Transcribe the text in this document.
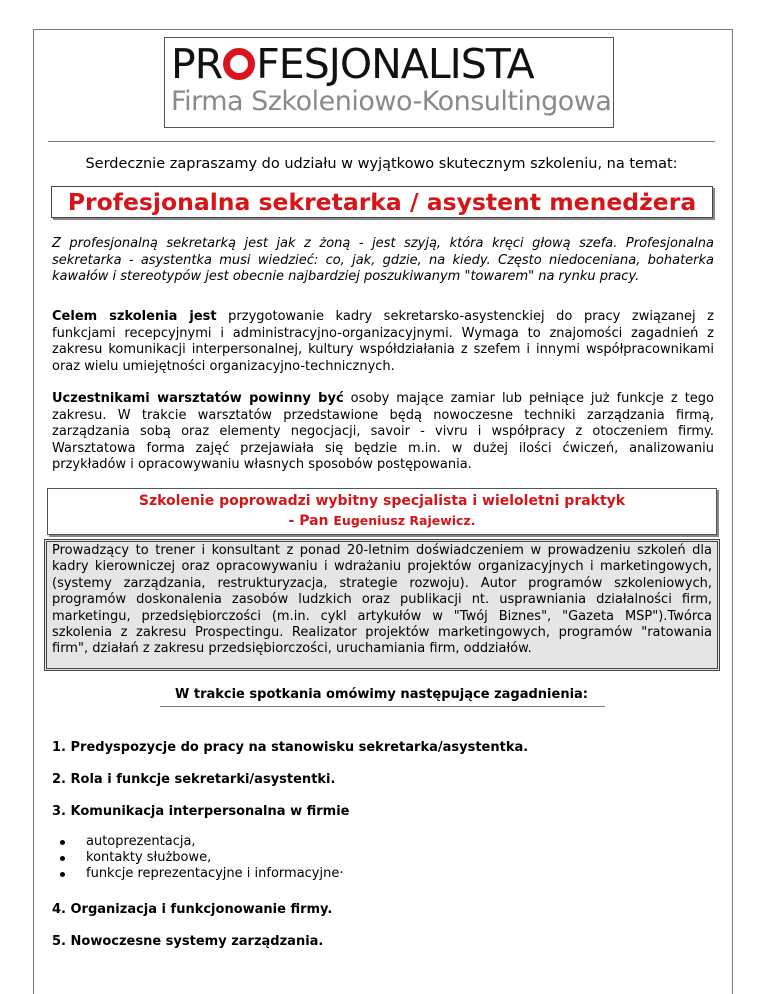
PR FESJONALISTA
Firma Szkoleniowo-Konsultingowa
Serdecznie zapraszamy do udziału w wyjątkowo skutecznym szkoleniu, na temat:
Profesjonalna sekretarka / asystent menedżera
Z profesjonalną sekretarką jest jak z żoną - jest szyją, która kręci głową szefa. Profesjonalna sekretarka - asystentka musi wiedzieć: co, jak, gdzie, na kiedy. Często niedoceniana, bohaterka kawałów i stereotypów jest obecnie najbardziej poszukiwanym "towarem" na rynku pracy.
Celem szkolenia jest przygotowanie kadry sekretarsko-asystenckiej do pracy związanej z funkcjami recepcyjnymi i administracyjno-organizacyjnymi. Wymaga to znajomości zagadnień z zakresu komunikacji interpersonalnej, kultury współdziałania z szefem i innymi współpracownikami oraz wielu umiejętności organizacyjno-technicznych.
Uczestnikami warsztatów powinny być osoby mające zamiar lub pełniące już funkcje z tego zakresu. W trakcie warsztatów przedstawione będą nowoczesne techniki zarządzania firmą, zarządzania sobą oraz elementy negocjacji, savoir - vivru i współpracy z otoczeniem firmy. Warsztatowa forma zajęć przejawiała się będzie m.in. w dużej ilości ćwiczeń, analizowaniu przykładów i opracowywaniu własnych sposobów postępowania.
Szkolenie poprowadzi wybitny specjalista i wieloletni praktyk
- Pan Eugeniusz Rajewicz.
Prowadzący to trener i konsultant z ponad 20-letnim doświadczeniem w prowadzeniu szkoleń dla kadry kierowniczej oraz opracowywaniu i wdrażaniu projektów organizacyjnych i marketingowych, (systemy zarządzania, restrukturyzacja, strategie rozwoju). Autor programów szkoleniowych, programów doskonalenia zasobów ludzkich oraz publikacji nt. usprawniania działalności firm, marketingu, przedsiębiorczości (m.in. cykl artykułów w "Twój Biznes", "Gazeta MSP").Twórca szkolenia z zakresu Prospectingu. Realizator projektów marketingowych, programów "ratowania firm", działań z zakresu przedsiębiorczości, uruchamiania firm, oddziałów.
W trakcie spotkania omówimy następujące zagadnienia:
1. Predyspozycje do pracy na stanowisku sekretarka/asystentka.
2. Rola i funkcje sekretarki/asystentki.
3. Komunikacja interpersonalna w firmie
autoprezentacja,
kontakty służbowe,
funkcje reprezentacyjne i informacyjne·
4. Organizacja i funkcjonowanie firmy.
5. Nowoczesne systemy zarządzania.
